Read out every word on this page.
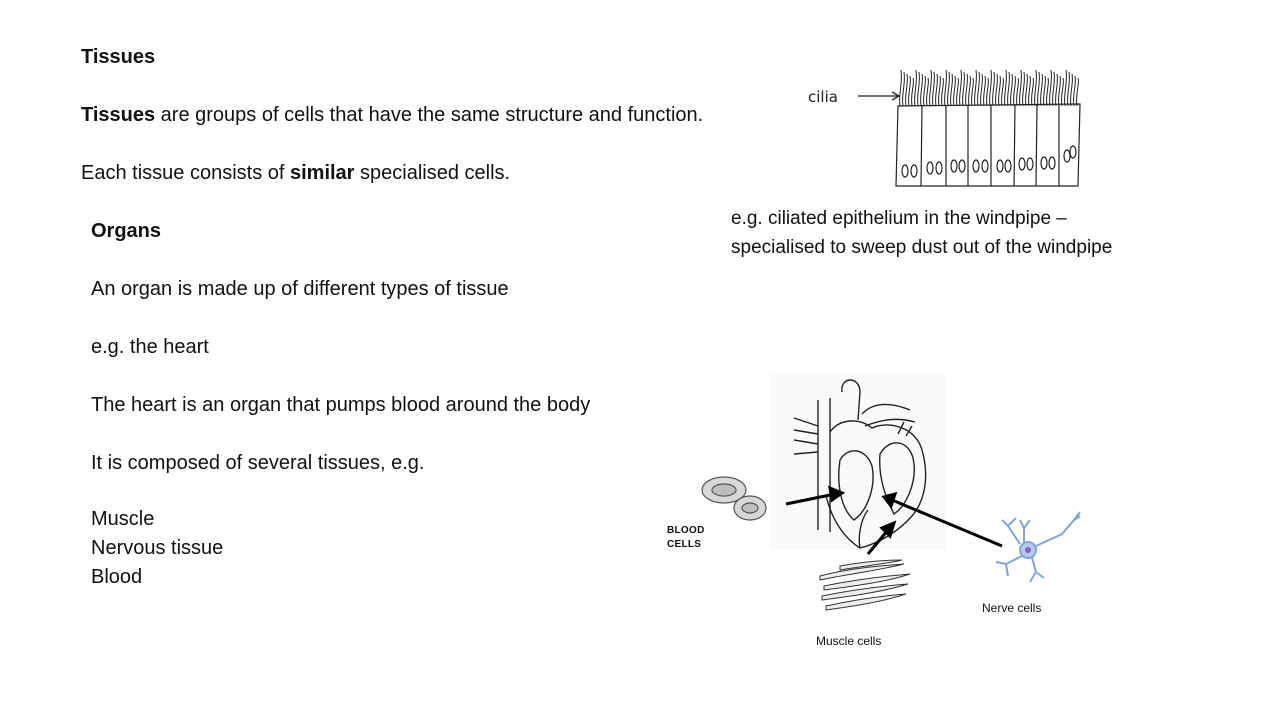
Tissues
Tissues are groups of cells that have the same structure and function.
Each tissue consists of similar specialised cells.
Organs
An organ is made up of different types of tissue
e.g. the heart
The heart is an organ that pumps blood around the body
It is composed of several tissues, e.g.
Muscle
Nervous tissue
Blood
cilia
e.g. ciliated epithelium in the windpipe –
specialised to sweep dust out of the windpipe
BLOOD
CELLS
Nerve cells
Muscle cells
